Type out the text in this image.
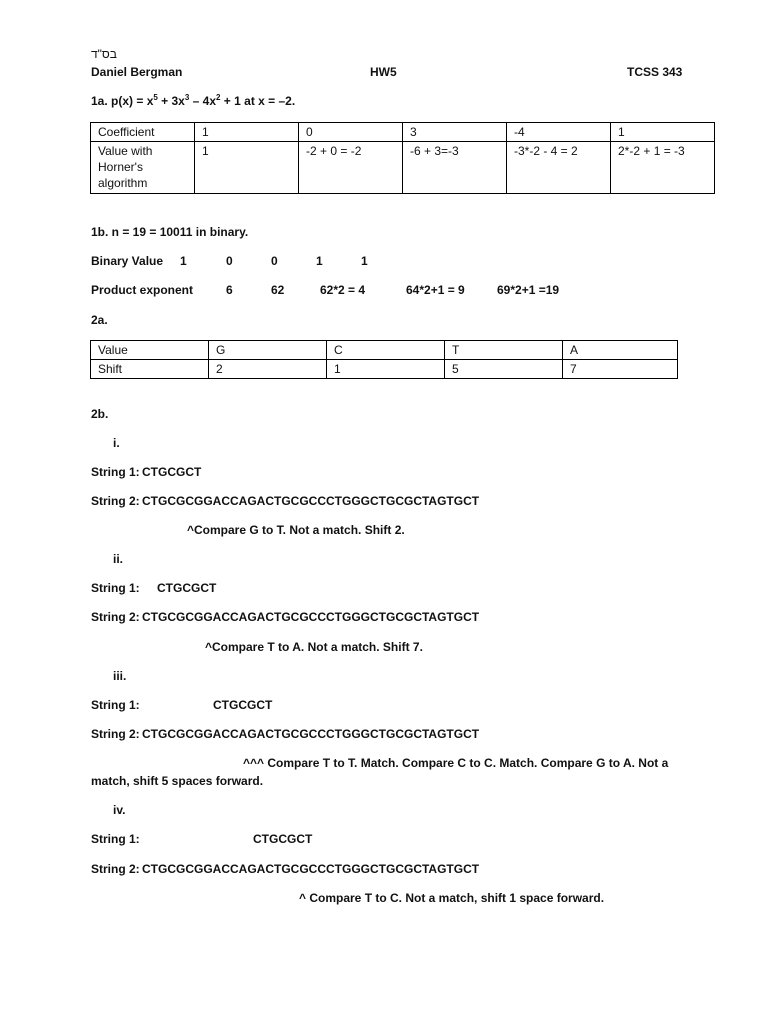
בס"ד
Daniel Bergman	HW5	TCSS 343
1a. $p(x) = x^5 + 3x^3 - 4x^2 + 1$ at x = –2.
Coefficient	1	0	3	-4	1

Value with
Horner's
algorithm	1	-2 + 0 = -2	-6 + 3=-3	-3*-2 - 4 = 2	2*-2 + 1 = -3
1b. n = 19 = 10011 in binary.
Binary Value 1	0	0	1	1
Product exponent	6	62	62*2 = 4	64*2+1 = 9	69*2+1 =19
2a.
Value	G	C	T	A
Shift	2	1	5	7
2b.
i.
String 1: CTGCGCT
String 2: CTGCGCGGACCAGACTGCGCCCTGGGCTGCGCTAGTGCT
^Compare G to T. Not a match. Shift 2.
ii.
String 1: CTGCGCT
String 2: CTGCGCGGACCAGACTGCGCCCTGGGCTGCGCTAGTGCT
^Compare T to A. Not a match. Shift 7.
iii.
String 1:	CTGCGCT
String 2: CTGCGCGGACCAGACTGCGCCCTGGGCTGCGCTAGTGCT
^^^ Compare T to T. Match. Compare C to C. Match. Compare G to A. Not a
match, shift 5 spaces forward.
iv.
String 1:	CTGCGCT
String 2: CTGCGCGGACCAGACTGCGCCCTGGGCTGCGCTAGTGCT
^ Compare T to C. Not a match, shift 1 space forward.
